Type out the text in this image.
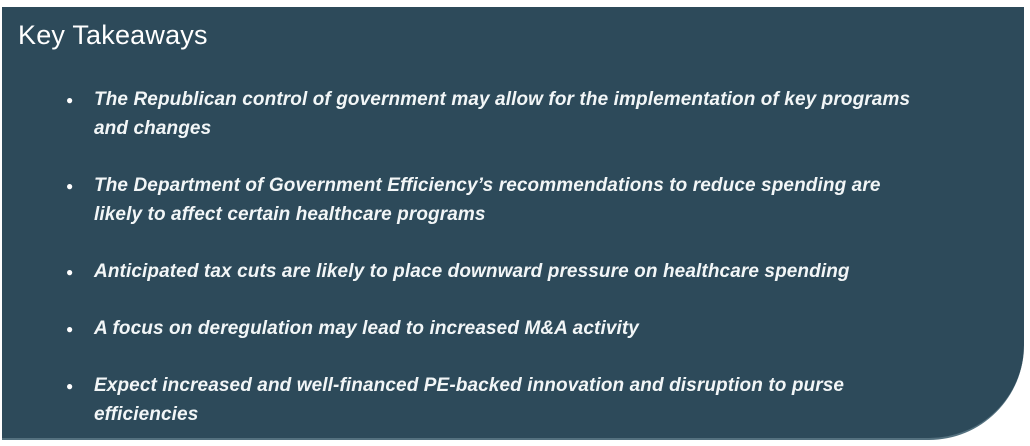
Key Takeaways
● The Republican control of government may allow for the implementation of key programs and changes
● The Department of Government Efficiency’s recommendations to reduce spending are likely to affect certain healthcare programs
● Anticipated tax cuts are likely to place downward pressure on healthcare spending
● A focus on deregulation may lead to increased M&A activity
● Expect increased and well-financed PE-backed innovation and disruption to purse efficiencies
